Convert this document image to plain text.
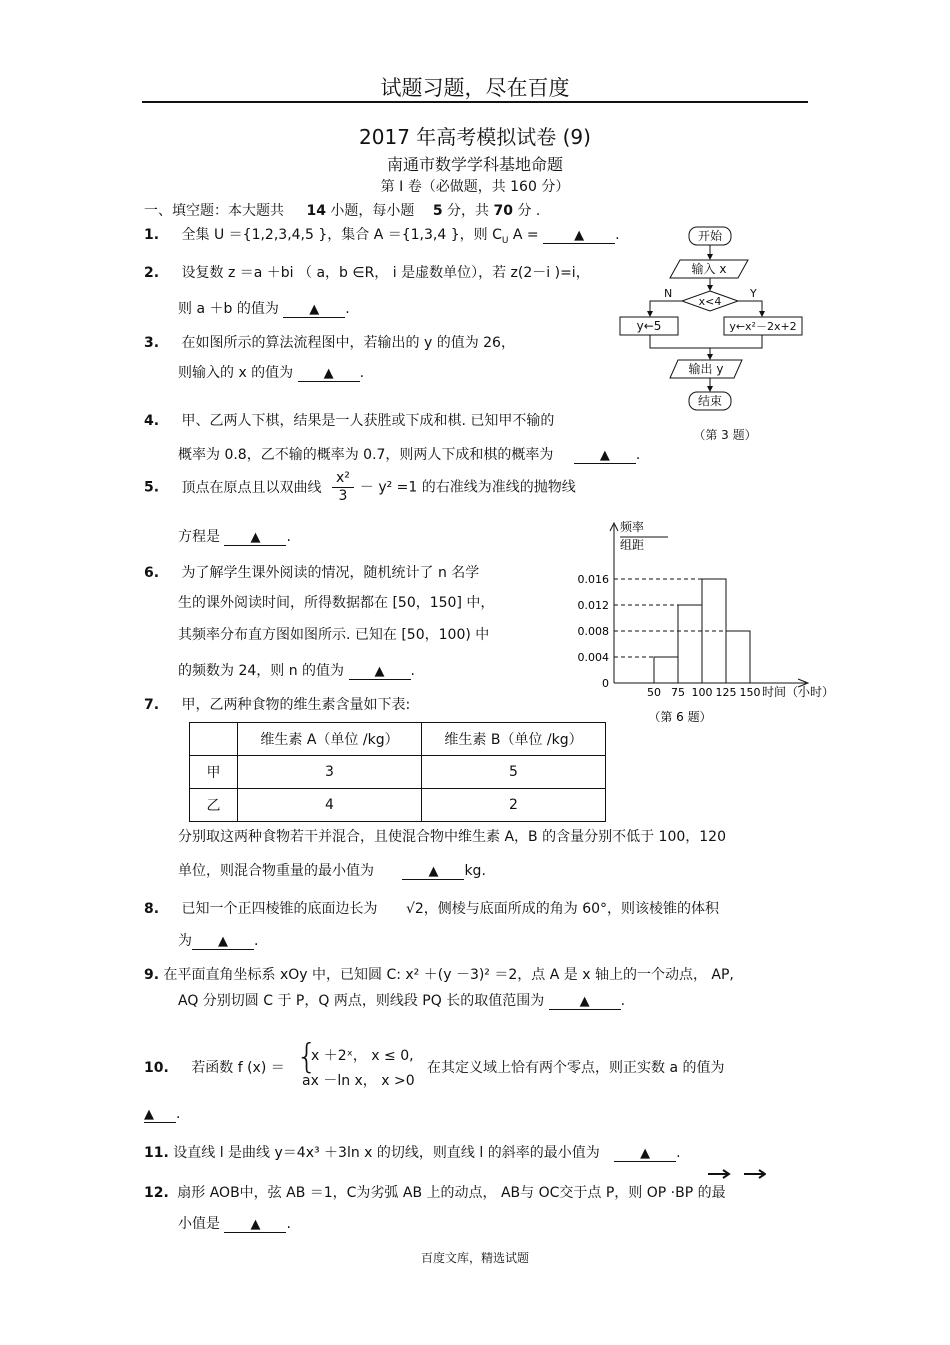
试题习题，尽在百度
2017 年高考模拟试卷 (9)
南通市数学学科基地命题
第 Ⅰ 卷（必做题，共 160 分）
一、填空题：本大题共 14 小题，每小题 5 分，共 70 分 .
1. 全集 U ＝{1,2,3,4,5 }，集合 A ＝{1,3,4 }，则 $C_U$ A =	▲ .
2. 设复数 z ＝a ＋bi （ a，b ∈R， i 是虚数单位），若 z(2－i )=i，
则 a ＋b 的值为 ▲ .
3. 在如图所示的算法流程图中，若输出的 y 的值为 26，
则输入的 x 的值为 ▲ .
开始
输入 x
x<4
N	Y
y←5	y←x²－2x+2
输出 y
结束
（第 3 题）
4. 甲、乙两人下棋，结果是一人获胜或下成和棋. 已知甲不输的
概率为 0.8，乙不输的概率为 0.7，则两人下成和棋的概率为	▲ .
5. 顶点在原点且以双曲线 $\frac{\text{x²}}{3} - y^2 =1$ 的右准线为准线的抛物线
方程是 ▲ .
6. 为了解学生课外阅读的情况，随机统计了 n 名学
生的课外阅读时间，所得数据都在 [50，150] 中，
其频率分布直方图如图所示. 已知在 [50，100) 中
的频数为 24，则 n 的值为 ▲ .
频率
组距
时间（小时）
（第 6 题）
0
0.004
0.008
0.012
0.016
50 75 100 125 150
7. 甲，乙两种食物的维生素含量如下表:
	维生素 A（单位 /kg）	维生素 B（单位 /kg）
甲	3	5
乙	4	2
分别取这两种食物若干并混合，且使混合物中维生素 A，B 的含量分别不低于 100，120
单位，则混合物重量的最小值为	▲ kg.
8. 已知一个正四棱锥的底面边长为 √2，侧棱与底面所成的角为 60°，则该棱锥的体积
为 ▲ .
9. 在平面直角坐标系 xOy 中，已知圆 C: x² ＋(y －3)² ＝2，点 A 是 x 轴上的一个动点， AP,
AQ 分别切圆 C 于 P，Q 两点，则线段 PQ 长的取值范围为	▲ .
10. 若函数 f (x) ＝ {
x ＋2ˣ， x ≤ 0,
ax －ln x， x >0
在其定义域上恰有两个零点，则正实数 a 的值为
▲ .
11. 设直线 l 是曲线 y＝4x³ ＋3ln x 的切线，则直线 l 的斜率的最小值为	▲ .
12. 扇形 AOB中，弦 AB ＝1，C为劣弧 AB 上的动点， AB与 OC交于点 P，则 OP ·BP 的最
小值是 ▲ .
百度文库，精选试题
